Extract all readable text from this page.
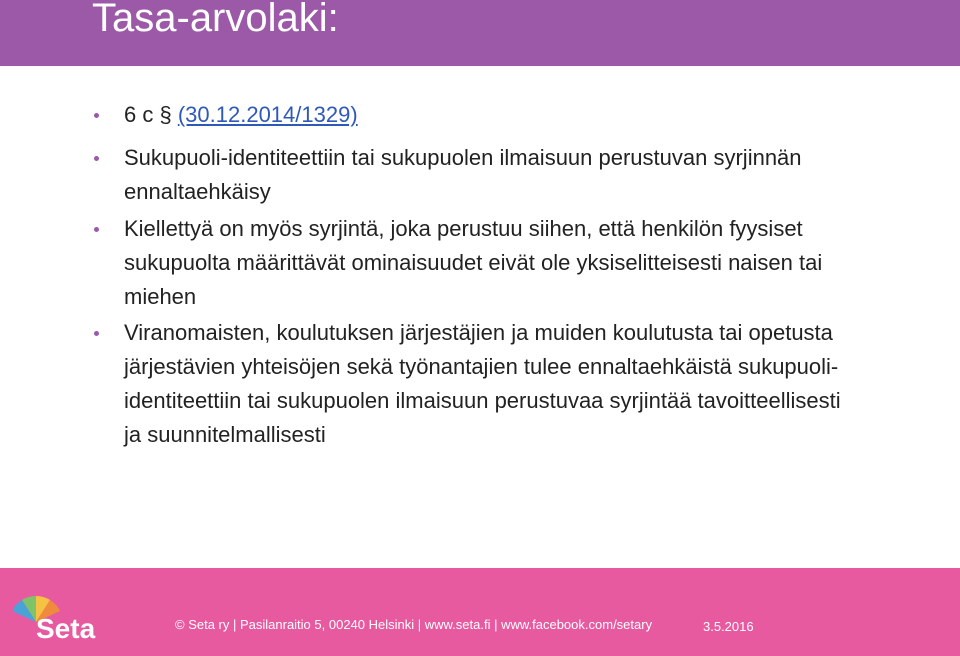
Tasa-arvolaki:

6 c § (30.12.2014/1329)

Sukupuoli-identiteettiin tai sukupuolen ilmaisuun perustuvan syrjinnän ennaltaehkäisy

Kiellettyä on myös syrjintä, joka perustuu siihen, että henkilön fyysiset sukupuolta määrittävät ominaisuudet eivät ole yksiselitteisesti naisen tai miehen

Viranomaisten, koulutuksen järjestäjien ja muiden koulutusta tai opetusta järjestävien yhteisöjen sekä työnantajien tulee ennaltaehkäistä sukupuoli-identiteettiin tai sukupuolen ilmaisuun perustuvaa syrjintää tavoitteellisesti ja suunnitelmallisesti

Seta	© Seta ry | Pasilanraitio 5, 00240 Helsinki | www.seta.fi | www.facebook.com/setary	3.5.2016
